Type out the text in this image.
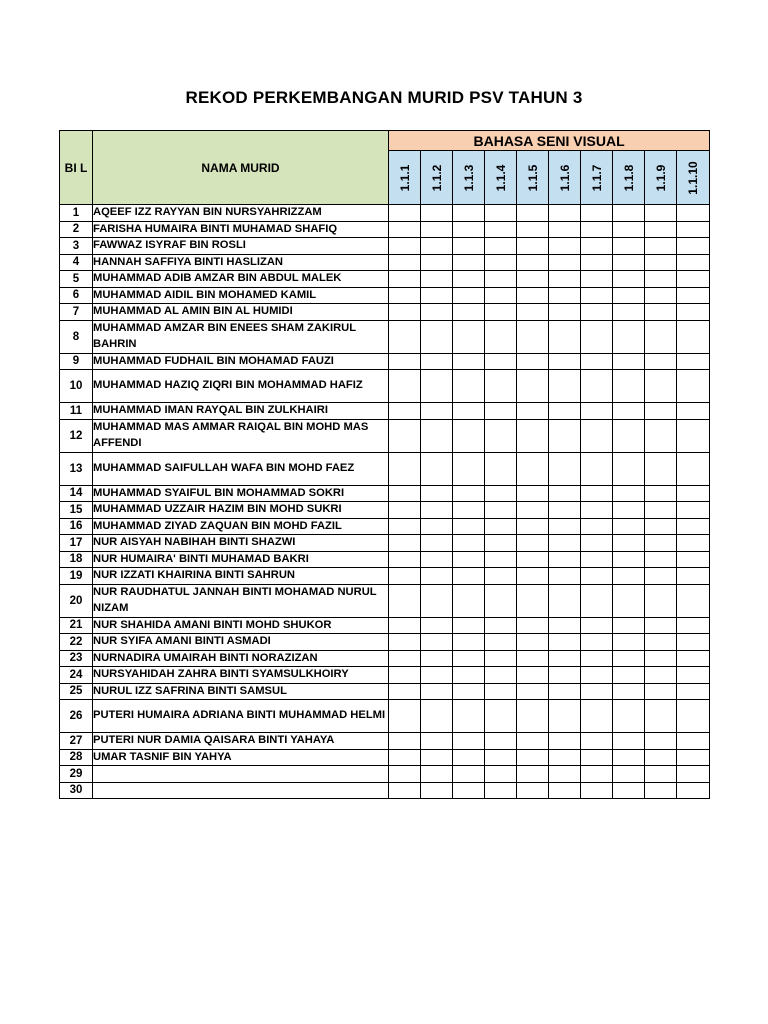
REKOD PERKEMBANGAN MURID PSV TAHUN 3
BI L	NAMA MURID	BAHASA SENI VISUAL									

		1.1.1	1.1.2	1.1.3	1.1.4	1.1.5	1.1.6	1.1.7	1.1.8	1.1.9	1.1.10

1	AQEEF IZZ RAYYAN BIN NURSYAHRIZZAM										
2	FARISHA HUMAIRA BINTI MUHAMAD SHAFIQ										
3	FAWWAZ ISYRAF BIN ROSLI										
4	HANNAH SAFFIYA BINTI HASLIZAN										
5	MUHAMMAD ADIB AMZAR BIN ABDUL MALEK										
6	MUHAMMAD AIDIL BIN MOHAMED KAMIL										
7	MUHAMMAD AL AMIN BIN AL HUMIDI										
8	MUHAMMAD AMZAR BIN ENEES SHAM ZAKIRUL BAHRIN										
9	MUHAMMAD FUDHAIL BIN MOHAMAD FAUZI										
10	MUHAMMAD HAZIQ ZIQRI BIN MOHAMMAD HAFIZ										
11	MUHAMMAD IMAN RAYQAL BIN ZULKHAIRI										
12	MUHAMMAD MAS AMMAR RAIQAL BIN MOHD MAS AFFENDI										
13	MUHAMMAD SAIFULLAH WAFA BIN MOHD FAEZ										
14	MUHAMMAD SYAIFUL BIN MOHAMMAD SOKRI										
15	MUHAMMAD UZZAIR HAZIM BIN MOHD SUKRI										
16	MUHAMMAD ZIYAD ZAQUAN BIN MOHD FAZIL										
17	NUR AISYAH NABIHAH BINTI SHAZWI										
18	NUR HUMAIRA' BINTI MUHAMAD BAKRI										
19	NUR IZZATI KHAIRINA BINTI SAHRUN										
20	NUR RAUDHATUL JANNAH BINTI MOHAMAD NURUL NIZAM										
21	NUR SHAHIDA AMANI BINTI MOHD SHUKOR										
22	NUR SYIFA AMANI BINTI ASMADI										
23	NURNADIRA UMAIRAH BINTI NORAZIZAN										
24	NURSYAHIDAH ZAHRA BINTI SYAMSULKHOIRY										
25	NURUL IZZ SAFRINA BINTI SAMSUL										
26	PUTERI HUMAIRA ADRIANA BINTI MUHAMMAD HELMI										
27	PUTERI NUR DAMIA QAISARA BINTI YAHAYA										
28	UMAR TASNIF BIN YAHYA										
29											
30											
